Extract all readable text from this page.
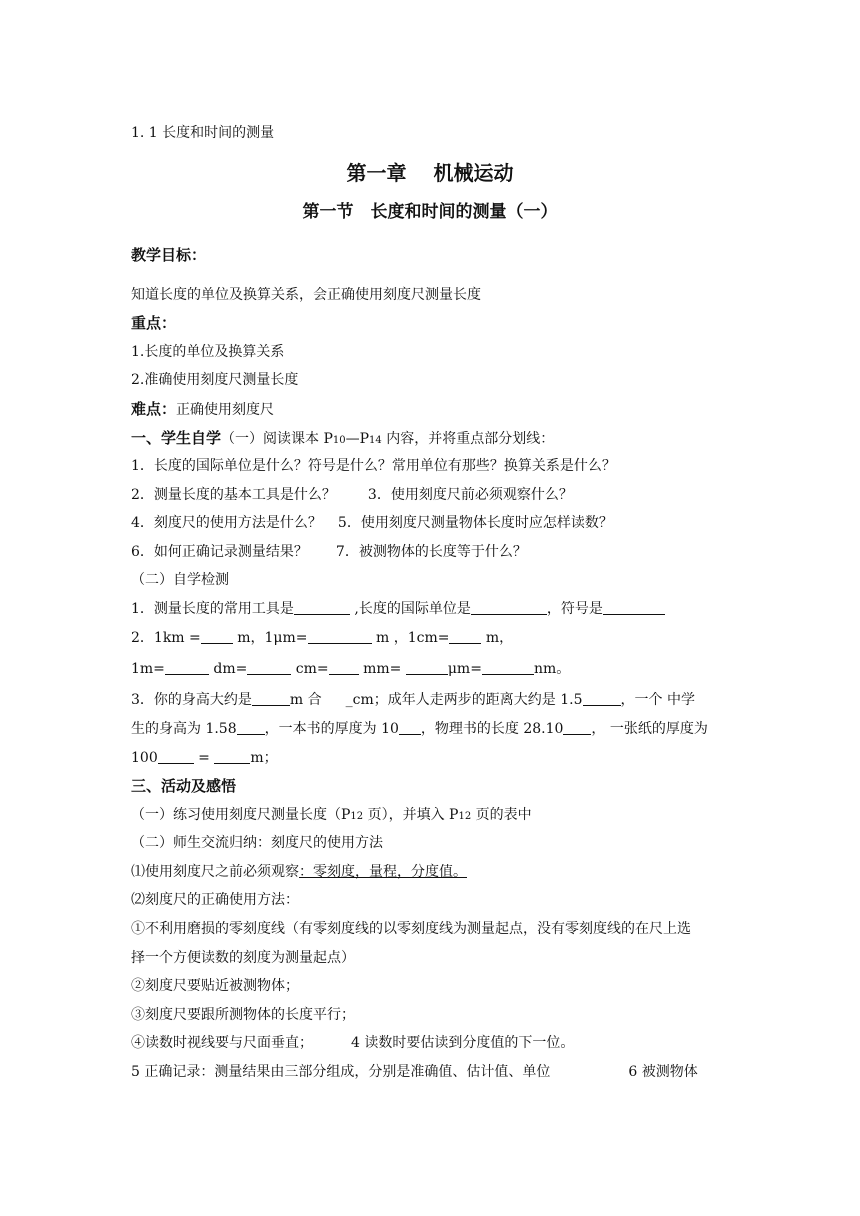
1. 1 长度和时间的测量
第一章　 机械运动
第一节　长度和时间的测量（一）
教学目标：
知道长度的单位及换算关系，会正确使用刻度尺测量长度
重点：
1.长度的单位及换算关系
2.准确使用刻度尺测量长度
难点：正确使用刻度尺
一、学生自学（一）阅读课本 P10—P14 内容，并将重点部分划线：
1．长度的国际单位是什么？符号是什么？常用单位有那些？换算关系是什么？
2．测量长度的基本工具是什么？ 3．使用刻度尺前必须观察什么？
4．刻度尺的使用方法是什么？ 5．使用刻度尺测量物体长度时应怎样读数？
6．如何正确记录测量结果？ 7．被测物体的长度等于什么？
（二）自学检测
1．测量长度的常用工具是	,长度的国际单位是	，符号是
2．1km = m，1μm=	m ，1cm= m，
1m=	dm=	cm= mm=	μm=	nm。
3．你的身高大约是	m 合 _cm；成年人走两步的距离大约是 1.5	，一个 中学
生的身高为 1.58 ，一本书的厚度为 10 ，物理书的长度 28.10 ， 一张纸的厚度为
100	=	m；
三、活动及感悟
（一）练习使用刻度尺测量长度（P12 页），并填入 P12 页的表中
（二）师生交流归纳：刻度尺的使用方法
⑴使用刻度尺之前必须观察：零刻度，量程，分度值。
⑵刻度尺的正确使用方法：
①不利用磨损的零刻度线（有零刻度线的以零刻度线为测量起点，没有零刻度线的在尺上选
择一个方便读数的刻度为测量起点）
②刻度尺要贴近被测物体；
③刻度尺要跟所测物体的长度平行；
④读数时视线要与尺面垂直；	4 读数时要估读到分度值的下一位。
5 正确记录：测量结果由三部分组成，分别是准确值、估计值、单位	6 被测物体
